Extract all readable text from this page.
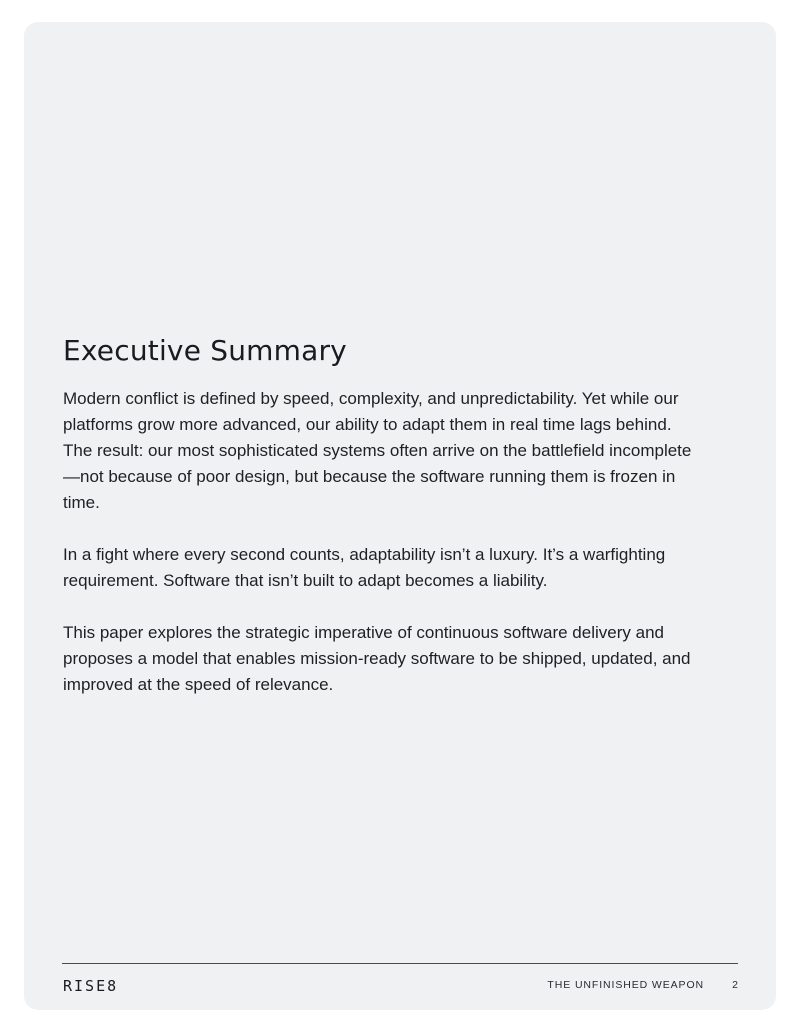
Executive Summary

Modern conflict is defined by speed, complexity, and unpredictability. Yet while our platforms grow more advanced, our ability to adapt them in real time lags behind. The result: our most sophisticated systems often arrive on the battlefield incomplete—not because of poor design, but because the software running them is frozen in time.

In a fight where every second counts, adaptability isn’t a luxury. It’s a warfighting requirement. Software that isn’t built to adapt becomes a liability.

This paper explores the strategic imperative of continuous software delivery and proposes a model that enables mission-ready software to be shipped, updated, and improved at the speed of relevance.

RISE8	THE UNFINISHED WEAPON	2
